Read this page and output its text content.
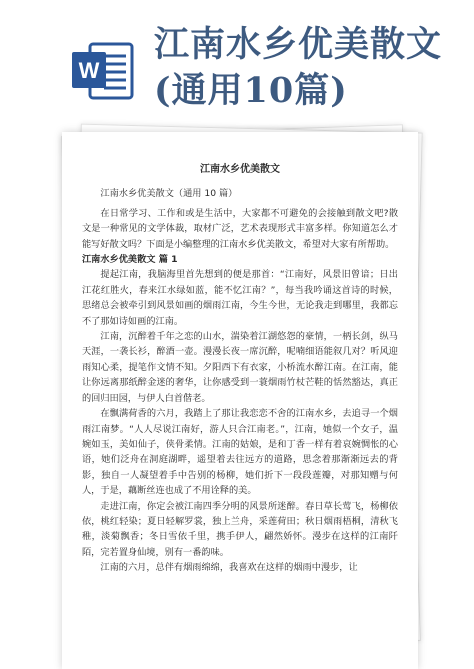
W
江南水乡优美散文
(通用10篇)
江南水乡优美散文

江南水乡优美散文（通用 10 篇）

在日常学习、工作和或是生活中，大家都不可避免的会接触到散文吧?散文是一种常见的文学体裁，取材广泛，艺术表现形式丰富多样。你知道怎么才能写好散文吗？下面是小编整理的江南水乡优美散文，希望对大家有所帮助。

江南水乡优美散文 篇 1

提起江南，我脑海里首先想到的便是那首：“江南好，风景旧曾谙；日出江花红胜火，春来江水绿如蓝，能不忆江南？”，每当我吟诵这首诗的时候，思绪总会被牵引到风景如画的烟雨江南，今生今世，无论我走到哪里，我都忘不了那如诗如画的江南。

江南，沉醉着千年之恋的山水，湍染着江湖悠怨的豪情，一柄长剑，纵马天涯，一袭长衫，醉酒一壶。漫漫长夜一席沉醉，呢喃细语能叙几对？听风迎雨知心柔，提笔作文情不知。夕阳西下有衣家，小桥流水醉江南。在江南，能让你远离那纸醉金迷的奢华，让你感受到一蓑烟雨竹杖芒鞋的恬然豁达，真正的回归田园，与伊人白首偕老。

在飘满荷香的六月，我踏上了那让我恋恋不舍的江南水乡，去追寻一个烟雨江南梦。“人人尽说江南好，游人只合江南老。”，江南，她似一个女子，温婉如玉，美如仙子，侠骨柔情。江南的姑娘，是和丁香一样有着哀婉惆怅的心语，她们泛舟在洞庭湖畔，遥望着去往远方的道路，思念着那渐渐远去的背影，独自一人凝望着手中告别的杨柳，她们折下一段段莲瓣，对那知赠与何人，于是，藕断丝连也成了不用诠释的美。

走进江南，你定会被江南四季分明的风景所迷醉。春日草长莺飞，杨柳依依，桃红轻染；夏日轻解罗裳，独上兰舟，采莲荷田；秋日烟雨梧桐，清秋飞稚，淡菊飘香；冬日雪依千里，携手伊人，翩然娇怀。漫步在这样的江南阡陌，完若置身仙境，别有一番韵味。

江南的六月，总伴有烟雨绵绵，我喜欢在这样的烟雨中漫步，让
